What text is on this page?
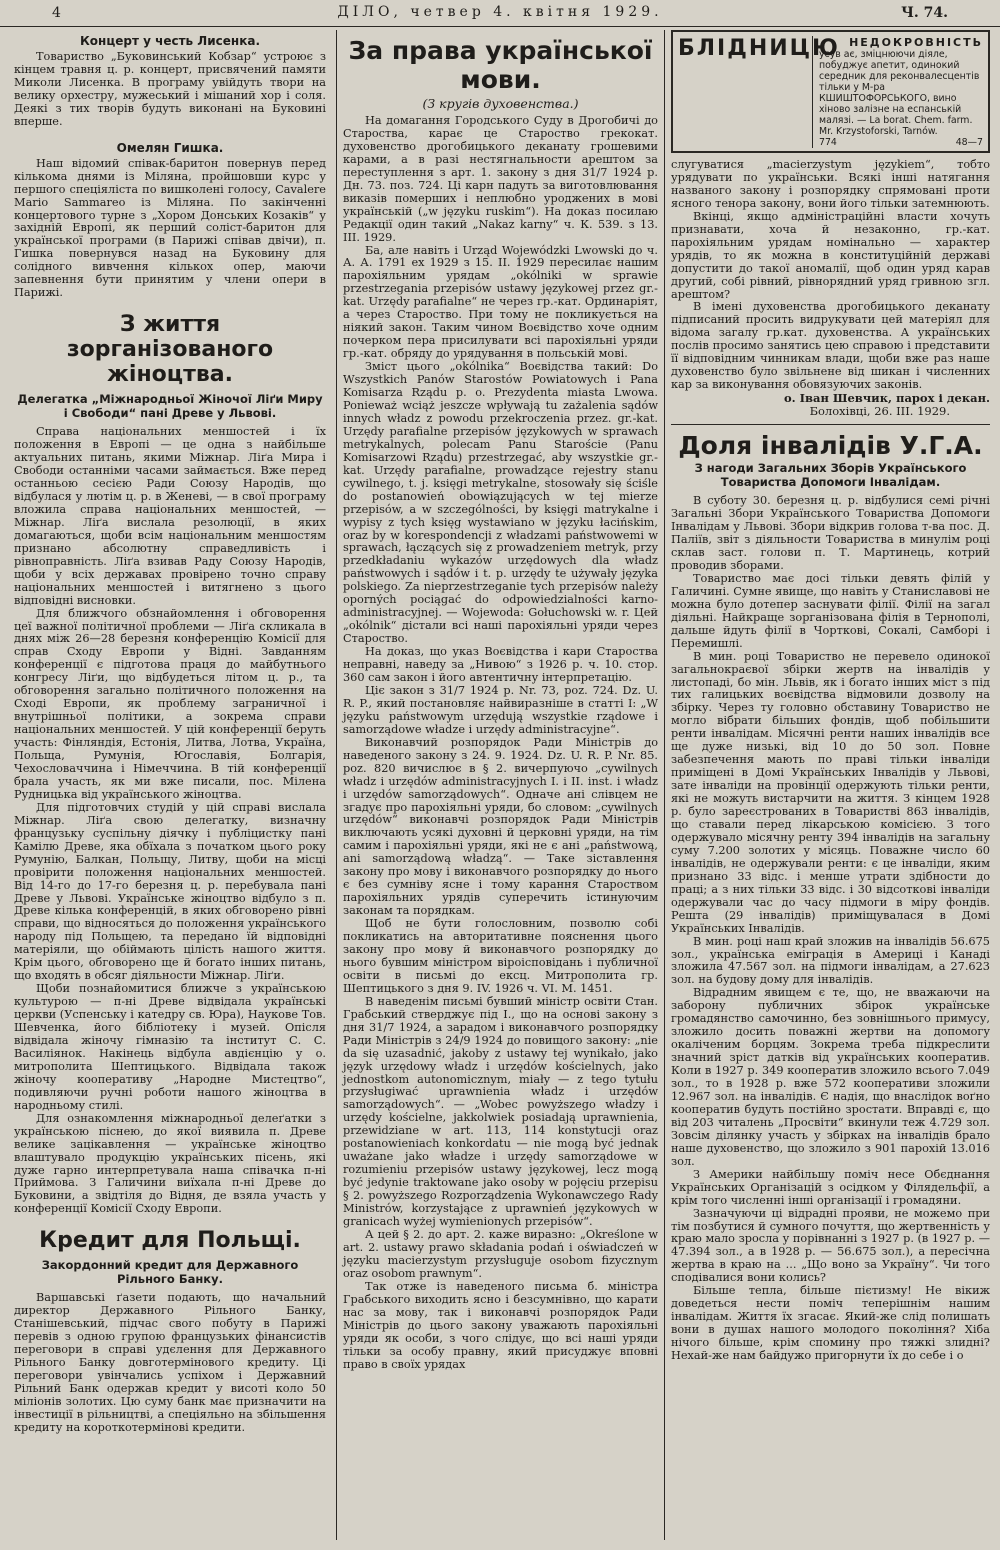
4	ДІЛО, четвер 4. квітня 1929.	Ч. 74.
Концерт у честь Лисенка.

Товариство „Буковинський Кобзар“ устроює з кінцем травня ц. р. концерт, присвячений памяти Миколи Лисенка. В програму увійдуть твори на велику орхестру, мужеський і мішаний хор і соля. Деякі з тих творів будуть виконані на Буковині вперше.

Омелян Гишка.

Наш відомий співак-баритон повернув перед кількома днями із Міляна, пройшовши курс у першого спеціяліста по вишколені голосу, Cavalere Mario Sammareo із Міляна. По закінченні концертового турне з „Хором Донських Козаків“ у західній Европі, як перший соліст-баритон для української програми (в Парижі співав двічи), п. Гишка повернувся назад на Буковину для солідного вивчення кількох опер, маючи запевнення бути принятим у члени опери в Парижі.

З життя зорганізованого жіноцтва.
Делегатка „Міжнародньої Жіночої Ліґи Миру і Свободи“ пані Древе у Львові.

Справа національних меншостей і їх положення в Европі — це одна з найбільше актуальних питань, якими Міжнар. Ліґа Мира і Свободи останніми часами займається. Вже перед останньою сесією Ради Союзу Народів, що відбулася у лютім ц. р. в Женеві, — в свої програму вложила справа національних меншостей, — Міжнар. Ліґа вислала резолюції, в яких домагаються, щоби всім національним меншостям признано абсолютну справедливість і рівноправність. Ліґа взивав Раду Союзу Народів, щоби у всіх державах провірено точно справу національних меншостей і витягнено з цього відповідні висновки.

Для ближчого обзнайомлення і обговорення цеї важної політичної проблеми — Ліґа скликала в днях між 26—28 березня конференцію Комісії для справ Сходу Европи у Відні. Завданням конференції є підготова праця до майбутнього конгресу Ліґи, що відбудеться літом ц. р., та обговорення загально політичного положення на Сході Европи, як проблему заграничної і внутрішньої політики, а зокрема справи національних меншостей. У цій конференції беруть участь: Фінляндія, Естонія, Литва, Лотва, Україна, Польща, Румунія, Югославія, Болгарія, Чехословаччина і Німеччина. В тій конференції брала участь, як ми вже писали, пос. Мілена Рудницька від українського жіноцтва.

Для підготовчих студій у цій справі вислала Міжнар. Ліґа свою делегатку, визначну французьку суспільну діячку і публіцистку пані Камілю Древе, яка обїхала з початком цього року Румунію, Балкан, Польщу, Литву, щоби на місці провірити положення національних меншостей. Від 14-го до 17-го березня ц. р. перебувала пані Древе у Львові. Українське жіноцтво відбуло з п. Древе кілька конференцій, в яких обговорено рівні справи, що відносяться до положення українського народу під Польщею, та передано їй відповідні матеріяли, що обіймають цілість нашого життя. Крім цього, обговорено ще й богато інших питань, що входять в обсяг діяльности Міжнар. Ліґи.

Щоби познайомитися ближче з українською культурою — п-ні Древе відвідала українські церкви (Успенську і катедру св. Юра), Наукове Тов. Шевченка, його бібліотеку і музей. Опісля відвідала жіночу гімназію та інститут С. С. Василіянок. Накінець відбула авдієнцію у о. митрополита Шептицького. Відвідала також жіночу кооперативу „Народне Мистецтво“, подивляючи ручні роботи нашого жіноцтва в народньому стилі.

Для ознакомлення міжнародньої делеґатки з українською піснею, до якої виявила п. Древе велике зацікавлення — українське жіноцтво влаштувало продукцію українських пісень, які дуже гарно интерпретувала наша співачка п-ні Приймова. З Галичини виїхала п-ні Древе до Буковини, а звідтіля до Відня, де взяла участь у конференції Комісії Сходу Европи.

Кредит для Польщі.
Закордонний кредит для Державного Рільного Банку.

Варшавські ґазети подають, що начальний директор Державного Рільного Банку, Станішевський, підчас свого побуту в Парижі перевів з одною групою французьких фінансистів переговори в справі удєлення для Державного Рільного Банку довготермінового кредиту. Ці переговори увінчались успіхом і Державний Рільний Банк одержав кредит у висоті коло 50 міліонів золотих. Цю суму банк має призначити на інвестиції в рільництві, а спеціяльно на збільшення кредиту на короткотермінові кредити.

За права української мови.
(З кругів духовенства.)

На домагання Городського Суду в Дрогобичі до Староства, карає це Староство грекокат. духовенство дрогобицького деканату грошевими карами, а в разі нестягнальности арештом за переступлення з арт. 1. закону з дня 31/7 1924 р. Дн. 73. поз. 724. Ці карн падуть за виготовлювання виказів померших і неплюбно уроджених в мові українській („w języku ruskim“). На доказ посилаю Редакції один такий „Nakaz karny“ ч. К. 539. з 13. ІІІ. 1929.

Ба, але навіть і Urząd Wojewódzki Lwowski до ч. А. А. 1791 ех 1929 з 15. ІІ. 1929 пересилає нашим парохіяльним урядам „okólniki w sprawie przestrzegania przepisów ustawy językowej przez gr.-kat. Urzędy parafialne“ не через гр.-кат. Ординаріят, а через Староство. При тому не покликується на ніякий закон. Таким чином Воєвідство хоче одним почерком пера присилувати всі парохіяльні уряди гр.-кат. обряду до урядування в польській мові.

Зміст цього „okólnika“ Воєвідства такий: Do Wszystkich Panów Starostów Powiatowych i Pana Komisarza Rządu p. o. Prezydenta miasta Lwowa. Ponieważ wciąż jeszcze wpływają tu zażalenia sądów innych władz z powodu przekroczenia przez. gr.-kat. Urzędy parafialne przepisów językowych w sprawach metrykalnych, polecam Panu Staroście (Panu Komisarzowi Rządu) przestrzegać, aby wszystkie gr.-kat. Urzędy parafialne, prowadzące rejestry stanu cywilnego, t. j. księgi metrykalne, stosowały się ściśle do postanowień obowiązujących w tej mierze przepisów, a w szczególności, by księgi matrykalne i wypisy z tych księg wystawiano w języku łacińskim, oraz by w korespondencji z władzami państwowemi w sprawach, łączących się z prowadzeniem metryk, przy przedkładaniu wykazów urzędowych dla władz państwowych i sądów i t. p. urzędy te używały języka polskiego. Za nieprzestrzeganie tych przepisów należy oporných pociągać do odpowiedzialności karno-administracyjnej. — Wojewoda: Gołuchowski w. r. Цей „okólnik“ дістали всі наші парохіяльні уряди через Староство.

На доказ, що указ Воєвідства і кари Староства неправні, наведу за „Нивою“ з 1926 р. ч. 10. стор. 360 сам закон і його автентичну інтерпретацію.

Ціє закон з 31/7 1924 р. Nr. 73, poz. 724. Dz. U. R. P., який постановляє найвиразніше в статті І: „W języku państwowym urzędują wszystkie rządowe i samorządowe władze i urzędy administracyjne“.

Виконавчий розпорядок Ради Міністрів до наведеного закону з 24. 9. 1924. Dz. U. R. P. Nr. 85. poz. 820 вичислює в § 2. вичерпуючо „cywilnych władz i urzędów administracyjnych І. і ІІ. inst. i władz i urzędów samorządowych“. Одначе ані слівцем не згадує про парохіяльні уряди, бо словом: „cywilnych urzędów“ виконавчі розпорядок Ради Міністрів виключають усякі духовні й церковні уряди, на тім самим і парохіяльні уряди, які не є ані „państwową, ani samorządową władzą“. — Таке зіставлення закону про мову і виконавчого розпорядку до нього є без сумніву ясне і тому карання Староством парохіяльних урядів суперечить істинуючим законам та порядкам.

Щоб не бути голословним, позволю собі покликатись на авторитативне пояснення цього закону про мову й виконавчого розпорядку до нього бувшим міністром віроісповідань і публичної освіти в письмі до ексц. Митрополита гр. Шептицького з дня 9. IV. 1926 ч. VI. М. 1451.

В наведенім письмі бувший міністр освіти Стан. Грабський стверджує під І., що на основі закону з дня 31/7 1924, а зарадом і виконавчого розпорядку Ради Міністрів з 24/9 1924 до повищого закону: „nie da się uzasadnić, jakoby z ustawy tej wynikało, jako język urzędowy władz i urzędów kościelnych, jako jednostkom autonomicznym, miały — z tego tytułu przysługiwać uprawnienia władz i urzędów samorządowych“. — „Wobec powyższego władzy i urzędy kościelne, jakkolwiek posiadają uprawnienia, przewidziane w art. 113, 114 konstytucji oraz postanowieniach konkordatu — nie mogą być jednak uważane jako władze i urzędy samorządowe w rozumieniu przepisów ustawy językowej, lecz mogą być jedynie traktowane jako osoby w pojęciu przepisu § 2. powyższego Rozporządzenia Wykonawczego Rady Ministrów, korzystające z uprawnień językowych w granicach wyżej wymienionych przepisów“.

А цей § 2. до арт. 2. каже виразно: „Określone w art. 2. ustawy prawo składania podań i oświadczeń w języku macierzystym przysługuje osobom fizycznym oraz osobom prawnym“.

Так отже із наведеного письма б. міністра Грабського виходить ясно і безсумнівно, що карати нас за мову, так і виконавчі розпорядок Ради Міністрів до цього закону уважають парохіяльні уряди як особи, з чого слідує, що всі наші уряди тільки за особу правну, який присуджує вповні право в своїх урядах

БЛІДНИЦЮ НЕДОКРОВНІСТЬ
усув ає, зміцнюючи діяле, побуджує апетит, одинокий середник для реконвалесцентів тільки у М-ра КШИШТОФОРСЬКОГО, вино хіново залізне на еспанській малязі. — La borat. Chem. farm. Mr. Krzystoforski, Tarnów.
774	48—7

слугуватися „macierzystym językiem“, тобто урядувати по українськи. Всякі інші натягання названого закону і розпорядку спрямовані проти ясного тенора закону, вони його тільки затемнюють.

Вкінці, якщо адміністраційні власти хочуть признавати, хоча й незаконно, гр.-кат. парохіяльним урядам номінально — характер урядів, то як можна в конституційній державі допустити до такої аномалії, щоб один уряд карав другий, собі рівний, рівнорядний уряд гривною згл. арештом?

В імені духовенства дрогобицького деканату підписаний просить видрукувати цей матеріял для відома загалу гр.кат. духовенства. А українських послів просимо занятись цею справою і представити її відповідним чинникам влади, щоби вже раз наше духовенство було звільнене від шикан і численних кар за виконування обовязуючих законів.

о. Іван Шевчик, парох і декан.
Болохівці, 26. ІІІ. 1929.
Доля інвалідів У.Г.А.
З нагоди Загальних Зборів Українського Товариства Допомоги Інвалідам.

В суботу 30. березня ц. р. відбулися семі річні Загальні Збори Українського Товариства Допомоги Інвалідам у Львові. Збори відкрив голова т-ва пос. Д. Паліїв, звіт з діяльности Товариства в минулім році склав заст. голови п. Т. Мартинець, котрий проводив зборами.

Товариство має досі тільки девять філій у Галичині. Сумне явище, що навіть у Станиславові не можна було дотепер заснувати філії. Філії на загал діяльні. Найкраще зорганізована філія в Тернополі, дальше йдуть філії в Чорткові, Сокалі, Самборі і Перемишлі.

В мин. році Товариство не перевело одинокої загальнокраєвої збірки жертв на інвалідів у листопаді, бо мін. Львів, як і богато інших міст з під тих галицьких воєвідства відмовили дозволу на збірку. Через ту головно обставину Товариство не могло вібрати більших фондів, щоб побільшити ренти інвалідам. Місячні ренти наших інвалідів все ще дуже низькі, від 10 до 50 зол. Повне забезпечення мають по праві тільки інваліди приміщені в Домі Українських Інвалідів у Львові, зате інваліди на провінції одержують тільки ренти, які не можуть вистарчити на життя. З кінцем 1928 р. було зареєстрованих в Товаристві 863 інвалідів, що ставали перед лікарською комісією. З того одержувало місячну ренту 394 інвалідів на загальну суму 7.200 золотих у місяць. Поважне число 60 інвалідів, не одержували ренти: є це інваліди, яким признано 33 відс. і менше утрати здібности до праці; а з них тільки 33 відс. і 30 відсоткові інваліди одержували час до часу підмоги в міру фондів. Решта (29 інвалідів) приміщувалася в Домі Українських Інвалідів.

В мин. році наш край зложив на інвалідів 56.675 зол., українська еміграція в Америці і Канаді зложила 47.567 зол. на підмоги інвалідам, а 27.623 зол. на будову дому для інвалідів.

Відрадним явищем є те, що, не вважаючи на заборону публичних збірок українське громадянство самочинно, без зовнішнього примусу, зложило досить поважні жертви на допомогу окаліченим борцям. Зокрема треба підкреслити значний зріст датків від українських кооператив. Коли в 1927 р. 349 кооператив зложило всього 7.049 зол., то в 1928 р. вже 572 кооперативи зложили 12.967 зол. на інвалідів. Є надія, що внаслідок воґно кооператив будуть постійно зростати. Вправді є, що від 203 читалень „Просвіти“ вкинули теж 4.729 зол. Зовсім ділянку участь у збірках на інвалідів брало наше духовенство, що зложило з 901 парохій 13.016 зол.

З Америки найбільшу поміч несе Обєднання Українських Організацій з осідком у Філядельфії, а крім того численні інші організації і громадяни.

Зазначуючи ці відрадні прояви, не можемо при тім позбутися й сумного почуття, що жертвенність у краю мало зросла у порівнанні з 1927 р. (в 1927 р. — 47.394 зол., а в 1928 р. — 56.675 зол.), а пересічна жертва в краю на ... „Що воно за Україну“. Чи того сподівалися вони колись?

Більше тепла, більше пієтизму! Не вікиж доведеться нести поміч теперішнім нашим інвалідам. Життя їх згасає. Який-же слід полишать вони в душах нашого молодого покоління? Хіба нічого більше, крім спомину про тяжкі злидні? Нехай-же нам байдужо пригорнути їх до себе і о
